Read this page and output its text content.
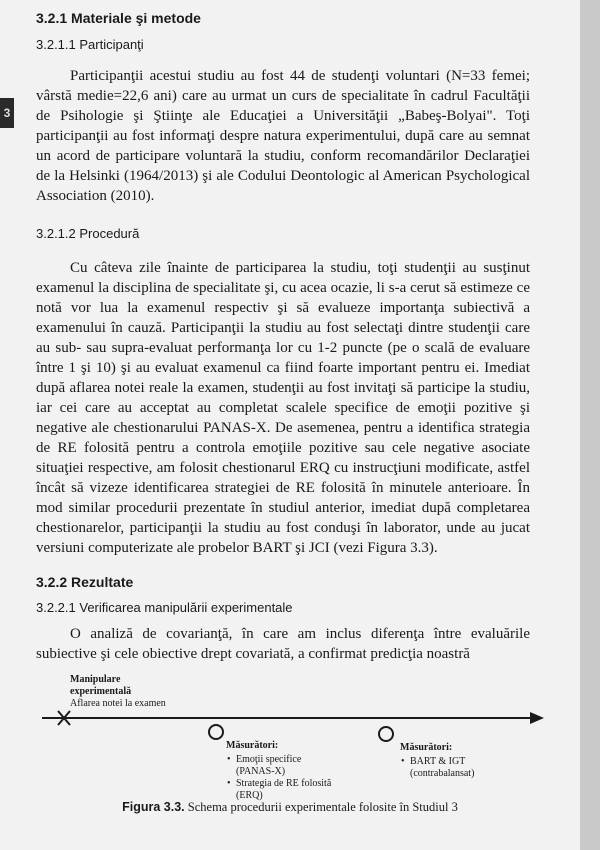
3
3.2.1 Materiale şi metode
3.2.1.1 Participanţi

Participanţii acestui studiu au fost 44 de studenţi voluntari (N=33 femei; vârstă medie=22,6 ani) care au urmat un curs de specialitate în cadrul Facultăţii de Psihologie şi Ştiinţe ale Educaţiei a Universităţii „Babeş-Bolyai". Toţi participanţii au fost informaţi despre natura experimentului, după care au semnat un acord de participare voluntară la studiu, conform recomandărilor Declaraţiei de la Helsinki (1964/2013) şi ale Codului Deontologic al American Psychological Association (2010).

3.2.1.2 Procedură

Cu câteva zile înainte de participarea la studiu, toţi studenţii au susţinut examenul la disciplina de specialitate şi, cu acea ocazie, li s-a cerut să estimeze ce notă vor lua la examenul respectiv şi să evalueze importanţa subiectivă a examenului în cauză. Participanţii la studiu au fost selectaţi dintre studenţii care au sub- sau supra-evaluat performanţa lor cu 1-2 puncte (pe o scală de evaluare între 1 şi 10) şi au evaluat examenul ca fiind foarte important pentru ei. Imediat după aflarea notei reale la examen, studenţii au fost invitaţi să participe la studiu, iar cei care au acceptat au completat scalele specifice de emoţii pozitive şi negative ale chestionarului PANAS-X. De asemenea, pentru a identifica strategia de RE folosită pentru a controla emoţiile pozitive sau cele negative asociate situaţiei respective, am folosit chestionarul ERQ cu instrucţiuni modificate, astfel încât să vizeze identificarea strategiei de RE folosită în minutele anterioare. În mod similar procedurii prezentate în studiul anterior, imediat după completarea chestionarelor, participanţii la studiu au fost conduşi în laborator, unde au jucat versiuni computerizate ale probelor BART şi JCI (vezi Figura 3.3).

3.2.2 Rezultate
3.2.2.1 Verificarea manipulării experimentale

O analiză de covarianţă, în care am inclus diferenţa între evaluările subiective şi cele obiective drept covariată, a confirmat predicţia noastră

Manipulare
experimentală
Aflarea notei la examen
Măsurători:
• Emoţii specifice
(PANAS-X)
• Strategia de RE folosită
(ERQ)
Măsurători:
• BART & IGT
(contrabalansat)
Figura 3.3. Schema procedurii experimentale folosite în Studiul 3
